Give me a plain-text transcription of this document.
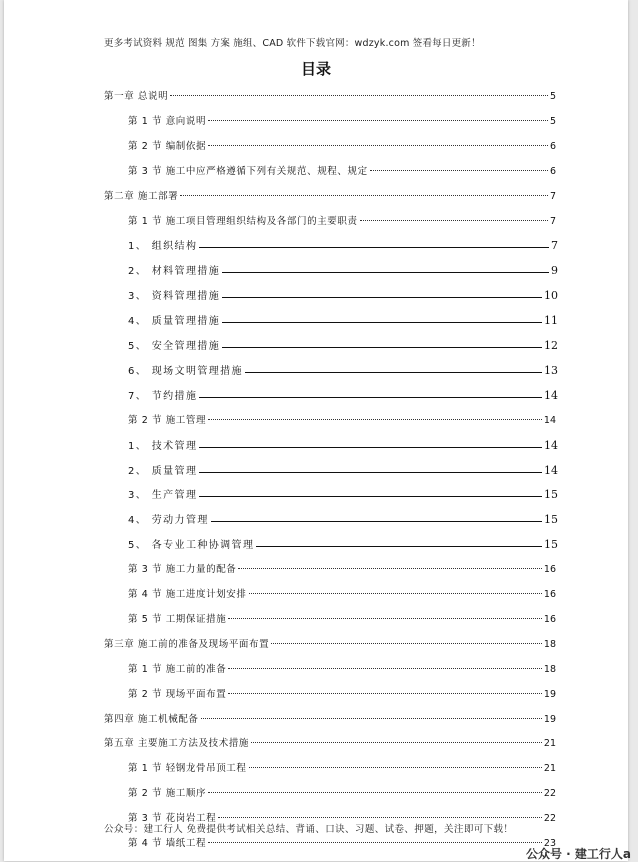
更多考试资料 规范 图集 方案 施组、CAD 软件下载官网：wdzyk.com 签看每日更新！
目录
第一章 总说明	5
第 1 节 意向说明	5
第 2 节 编制依据	6
第 3 节 施工中应严格遵循下列有关规范、规程、规定	6
第二章 施工部署	7
第 1 节 施工项目管理组织结构及各部门的主要职责	7
1、 组织结构	7
2、 材料管理措施	9
3、 资料管理措施	10
4、 质量管理措施	11
5、 安全管理措施	12
6、 现场文明管理措施	13
7、 节约措施	14
第 2 节 施工管理	14
1、 技术管理	14
2、 质量管理	14
3、 生产管理	15
4、 劳动力管理	15
5、 各专业工种协调管理	15
第 3 节 施工力量的配备	16
第 4 节 施工进度计划安排	16
第 5 节 工期保证措施	16
第三章 施工前的准备及现场平面布置	18
第 1 节 施工前的准备	18
第 2 节 现场平面布置	19
第四章 施工机械配备	19
第五章 主要施工方法及技术措施	21
第 1 节 轻钢龙骨吊顶工程	21
第 2 节 施工顺序	22
第 3 节 花岗岩工程	22
第 4 节 墙纸工程	23
公众号：建工行人 免费提供考试相关总结、背诵、口诀、习题、试卷、押题，关注即可下载！
公众号 · 建工行人a
